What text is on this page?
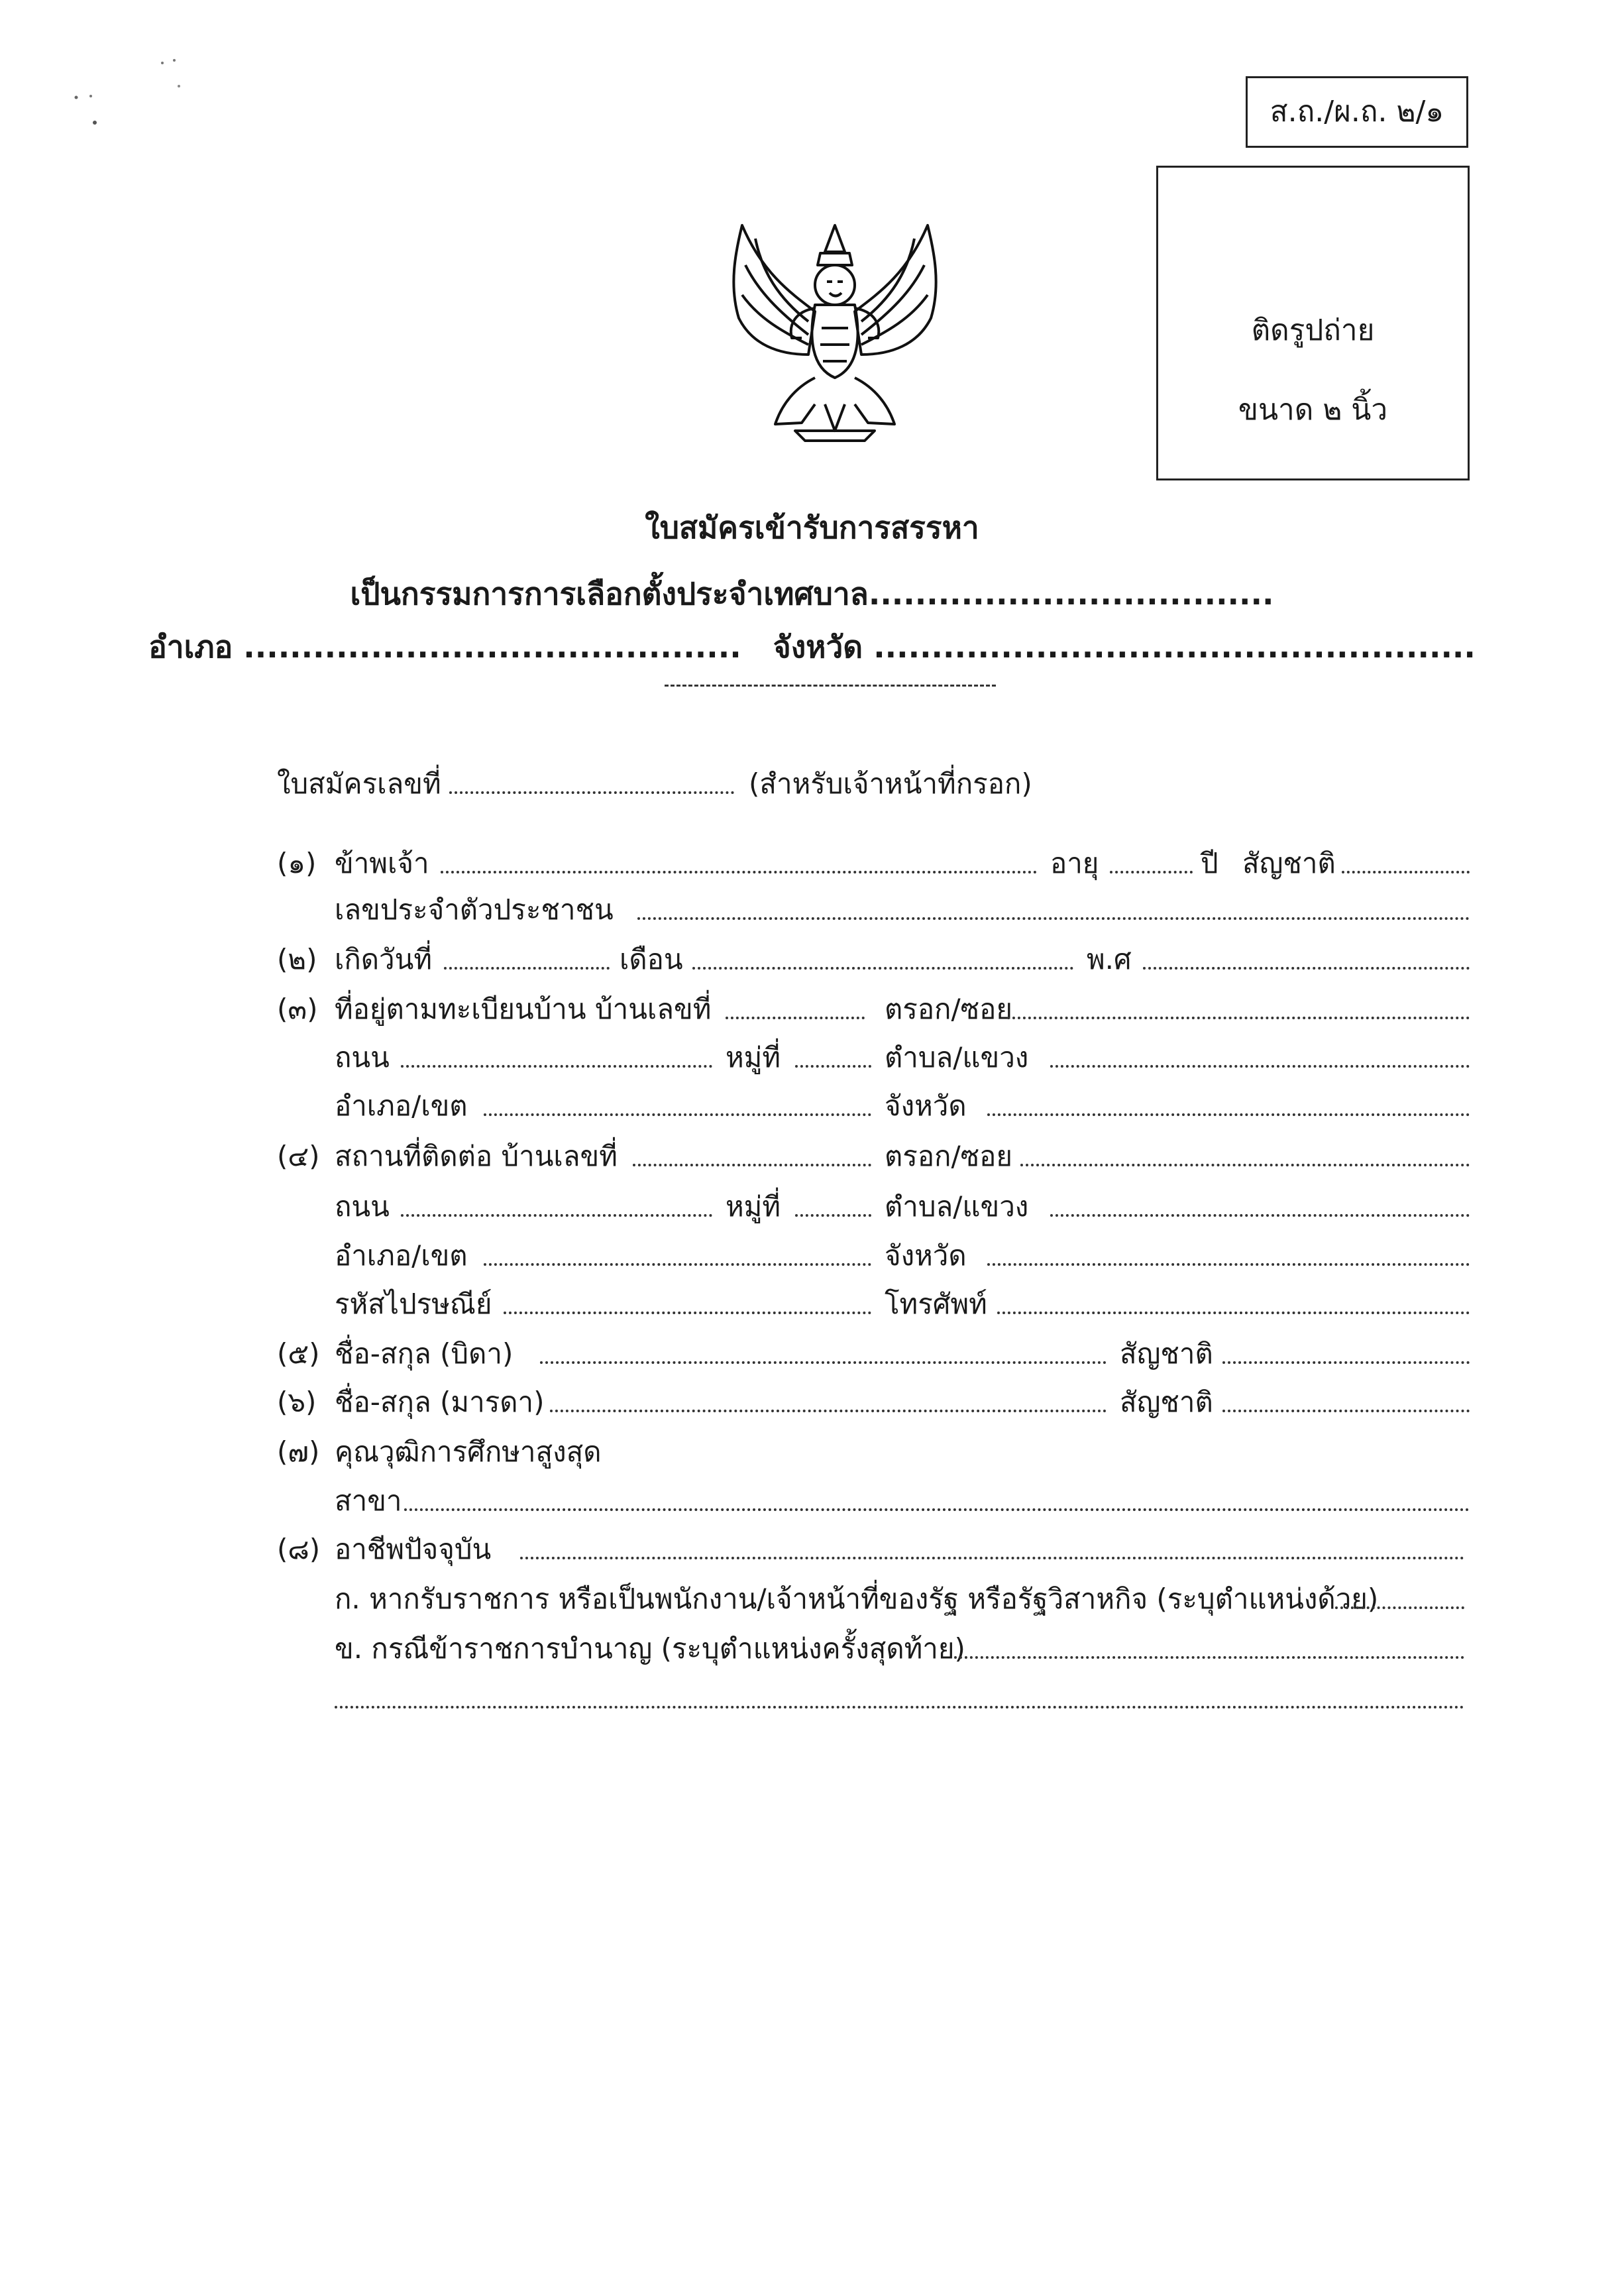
ส.ถ./ผ.ถ. ๒/๑
ติดรูปถ่าย
ขนาด ๒ นิ้ว
ใบสมัครเข้ารับการสรรหา
เป็นกรรมการการเลือกตั้งประจำเทศบาล...................................
อำเภอ ........................................... จังหวัด ....................................................
ใบสมัครเลขที่	(สำหรับเจ้าหน้าที่กรอก)
(๑) ข้าพเจ้า	อายุ	ปี สัญชาติ
เลขประจำตัวประชาชน
(๒) เกิดวันที่	เดือน	พ.ศ
(๓) ที่อยู่ตามทะเบียนบ้าน บ้านเลขที่	ตรอก/ซอย
ถนน	หมู่ที่	ตำบล/แขวง
อำเภอ/เขต	จังหวัด
(๔) สถานที่ติดต่อ บ้านเลขที่	ตรอก/ซอย
ถนน	หมู่ที่	ตำบล/แขวง
อำเภอ/เขต	จังหวัด
รหัสไปรษณีย์	โทรศัพท์
(๕) ชื่อ-สกุล (บิดา)	สัญชาติ
(๖) ชื่อ-สกุล (มารดา)	สัญชาติ
(๗) คุณวุฒิการศึกษาสูงสุด
สาขา
(๘) อาชีพปัจจุบัน
ก. หากรับราชการ หรือเป็นพนักงาน/เจ้าหน้าที่ของรัฐ หรือรัฐวิสาหกิจ (ระบุตำแหน่งด้วย)
ข. กรณีข้าราชการบำนาญ (ระบุตำแหน่งครั้งสุดท้าย)
